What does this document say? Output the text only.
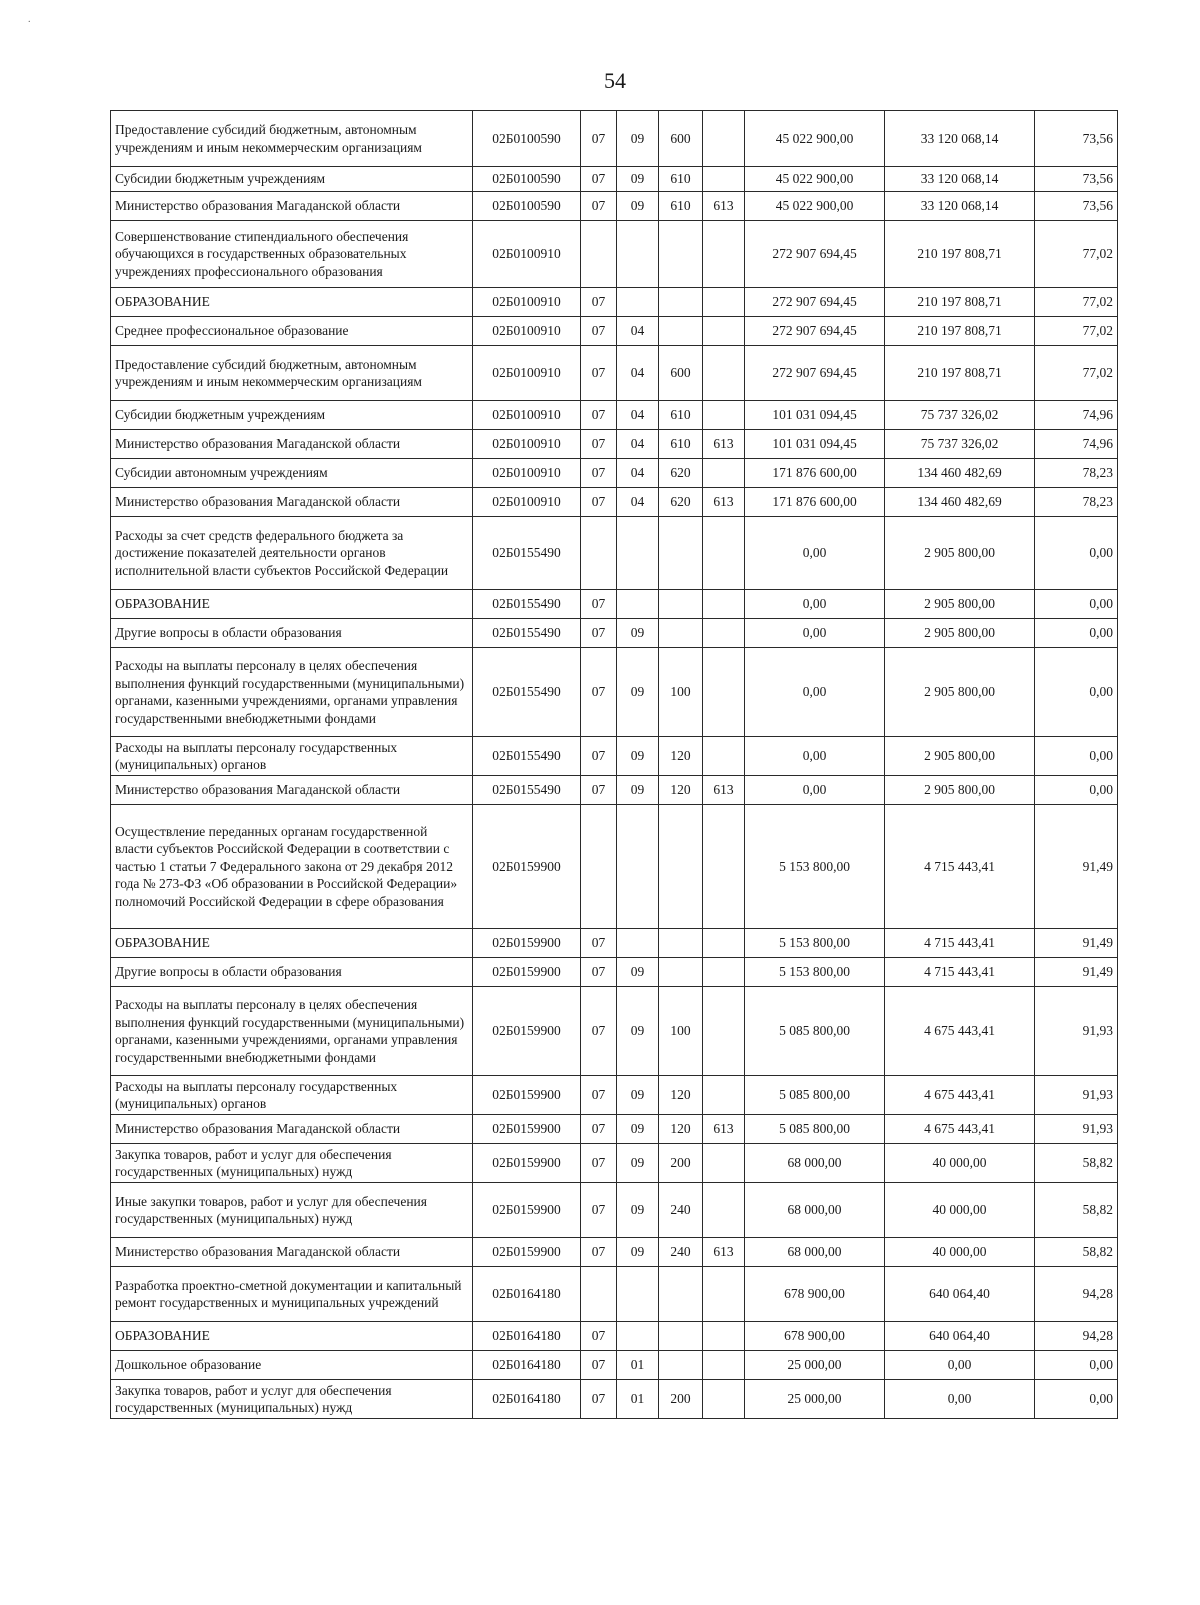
.
54
Предоставление субсидий бюджетным, автономным учреждениям и иным некоммерческим организациям	02Б0100590	07	09	600		45 022 900,00	33 120 068,14	73,56
Субсидии бюджетным учреждениям	02Б0100590	07	09	610		45 022 900,00	33 120 068,14	73,56
Министерство образования Магаданской области	02Б0100590	07	09	610	613	45 022 900,00	33 120 068,14	73,56
Совершенствование стипендиального обеспечения обучающихся в государственных образовательных учреждениях профессионального образования	02Б0100910					272 907 694,45	210 197 808,71	77,02
ОБРАЗОВАНИЕ	02Б0100910	07				272 907 694,45	210 197 808,71	77,02
Среднее профессиональное образование	02Б0100910	07	04			272 907 694,45	210 197 808,71	77,02
Предоставление субсидий бюджетным, автономным учреждениям и иным некоммерческим организациям	02Б0100910	07	04	600		272 907 694,45	210 197 808,71	77,02
Субсидии бюджетным учреждениям	02Б0100910	07	04	610		101 031 094,45	75 737 326,02	74,96
Министерство образования Магаданской области	02Б0100910	07	04	610	613	101 031 094,45	75 737 326,02	74,96
Субсидии автономным учреждениям	02Б0100910	07	04	620		171 876 600,00	134 460 482,69	78,23
Министерство образования Магаданской области	02Б0100910	07	04	620	613	171 876 600,00	134 460 482,69	78,23
Расходы за счет средств федерального бюджета за достижение показателей деятельности органов исполнительной власти субъектов Российской Федерации	02Б0155490					0,00	2 905 800,00	0,00
ОБРАЗОВАНИЕ	02Б0155490	07				0,00	2 905 800,00	0,00
Другие вопросы в области образования	02Б0155490	07	09			0,00	2 905 800,00	0,00
Расходы на выплаты персоналу в целях обеспечения выполнения функций государственными (муниципальными) органами, казенными учреждениями, органами управления государственными внебюджетными фондами	02Б0155490	07	09	100		0,00	2 905 800,00	0,00
Расходы на выплаты персоналу государственных (муниципальных) органов	02Б0155490	07	09	120		0,00	2 905 800,00	0,00
Министерство образования Магаданской области	02Б0155490	07	09	120	613	0,00	2 905 800,00	0,00
Осуществление переданных органам государственной власти субъектов Российской Федерации в соответствии с частью 1 статьи 7 Федерального закона от 29 декабря 2012 года № 273-ФЗ «Об образовании в Российской Федерации» полномочий Российской Федерации в сфере образования	02Б0159900					5 153 800,00	4 715 443,41	91,49
ОБРАЗОВАНИЕ	02Б0159900	07				5 153 800,00	4 715 443,41	91,49
Другие вопросы в области образования	02Б0159900	07	09			5 153 800,00	4 715 443,41	91,49
Расходы на выплаты персоналу в целях обеспечения выполнения функций государственными (муниципальными) органами, казенными учреждениями, органами управления государственными внебюджетными фондами	02Б0159900	07	09	100		5 085 800,00	4 675 443,41	91,93
Расходы на выплаты персоналу государственных (муниципальных) органов	02Б0159900	07	09	120		5 085 800,00	4 675 443,41	91,93
Министерство образования Магаданской области	02Б0159900	07	09	120	613	5 085 800,00	4 675 443,41	91,93
Закупка товаров, работ и услуг для обеспечения государственных (муниципальных) нужд	02Б0159900	07	09	200		68 000,00	40 000,00	58,82
Иные закупки товаров, работ и услуг для обеспечения государственных (муниципальных) нужд	02Б0159900	07	09	240		68 000,00	40 000,00	58,82
Министерство образования Магаданской области	02Б0159900	07	09	240	613	68 000,00	40 000,00	58,82
Разработка проектно-сметной документации и капитальный ремонт государственных и муниципальных учреждений	02Б0164180					678 900,00	640 064,40	94,28
ОБРАЗОВАНИЕ	02Б0164180	07				678 900,00	640 064,40	94,28
Дошкольное образование	02Б0164180	07	01			25 000,00	0,00	0,00
Закупка товаров, работ и услуг для обеспечения государственных (муниципальных) нужд	02Б0164180	07	01	200		25 000,00	0,00	0,00
